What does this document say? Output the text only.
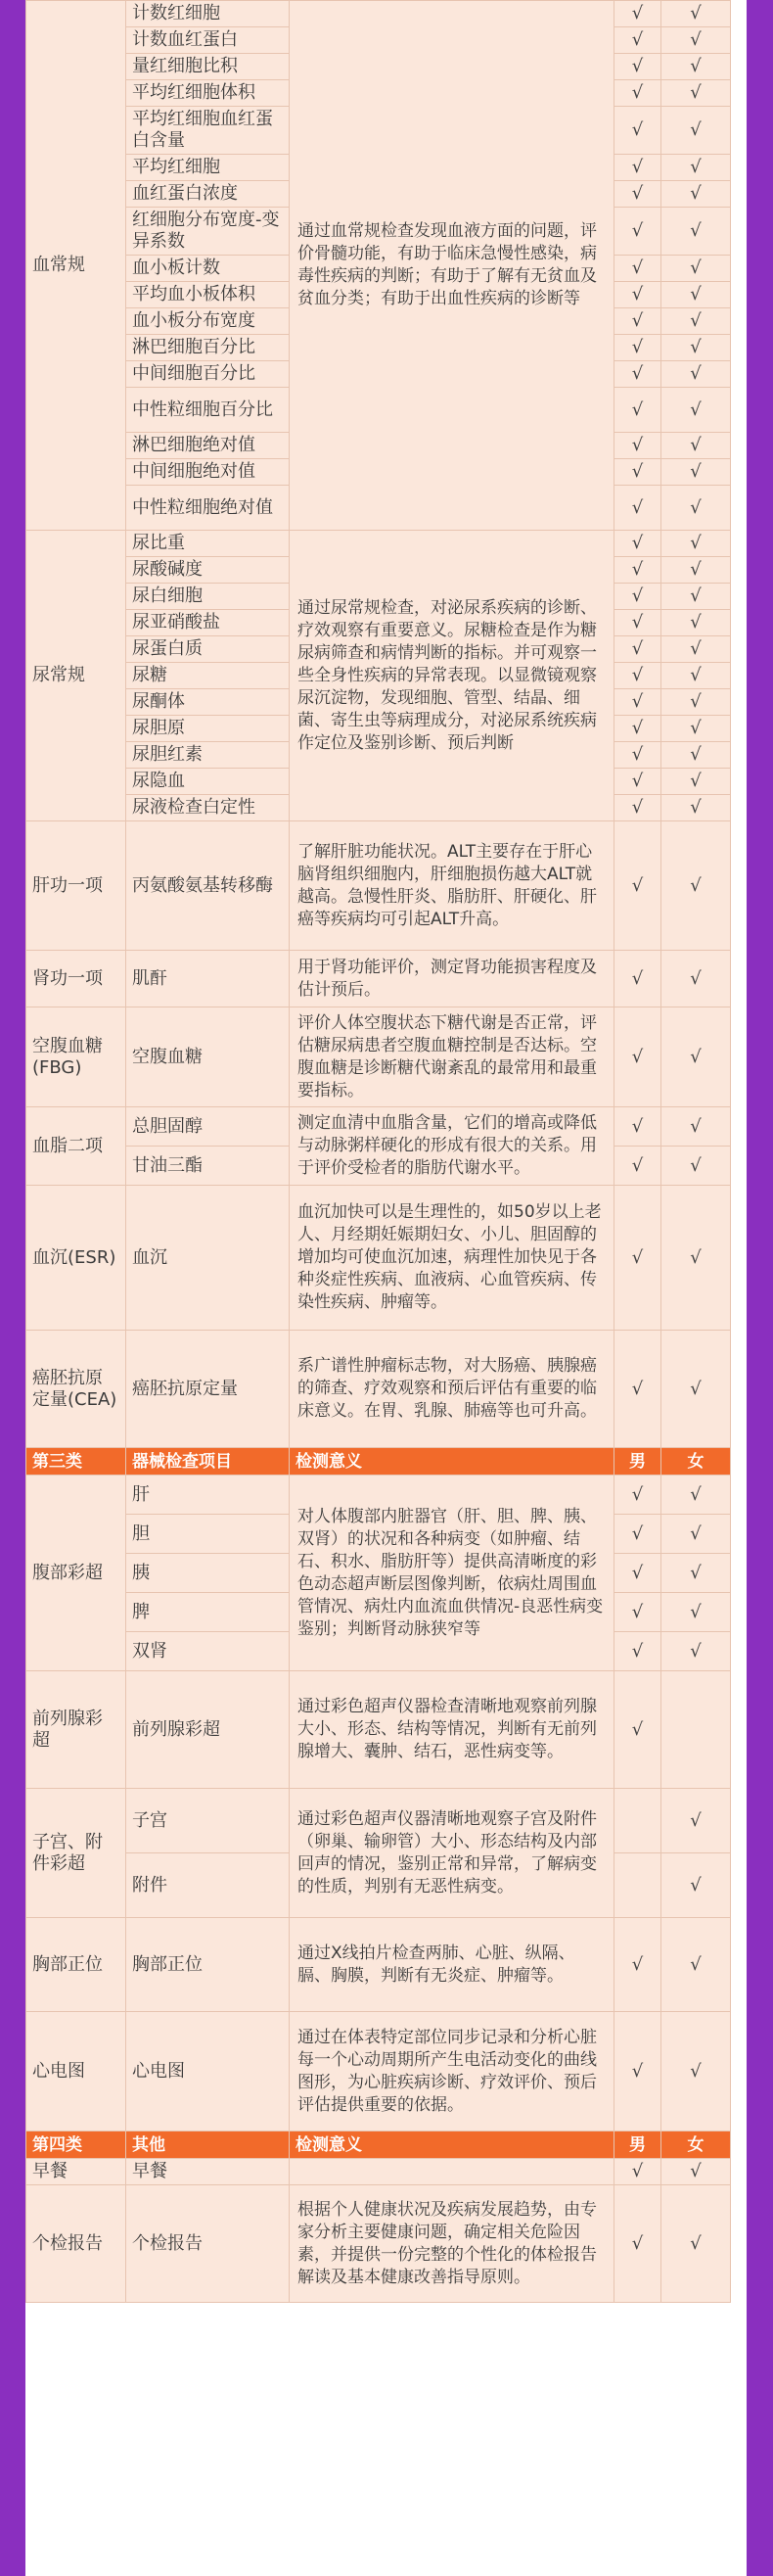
血常规	计数红细胞	通过血常规检查发现血液方面的问题，评价骨髓功能，有助于临床急慢性感染，病毒性疾病的判断；有助于了解有无贫血及贫血分类；有助于出血性疾病的诊断等	√	√
	计数血红蛋白		√	√
	量红细胞比积		√	√
	平均红细胞体积		√	√
	平均红细胞血红蛋白含量		√	√
	平均红细胞		√	√
	血红蛋白浓度		√	√
	红细胞分布宽度-变异系数		√	√
	血小板计数		√	√
	平均血小板体积		√	√
	血小板分布宽度		√	√
	淋巴细胞百分比		√	√
	中间细胞百分比		√	√
	中性粒细胞百分比		√	√
	淋巴细胞绝对值		√	√
	中间细胞绝对值		√	√
	中性粒细胞绝对值		√	√
尿常规	尿比重	通过尿常规检查，对泌尿系疾病的诊断、疗效观察有重要意义。尿糖检查是作为糖尿病筛查和病情判断的指标。并可观察一些全身性疾病的异常表现。以显微镜观察尿沉淀物，发现细胞、管型、结晶、细菌、寄生虫等病理成分，对泌尿系统疾病作定位及鉴别诊断、预后判断	√	√
	尿酸碱度		√	√
	尿白细胞		√	√
	尿亚硝酸盐		√	√
	尿蛋白质		√	√
	尿糖		√	√
	尿酮体		√	√
	尿胆原		√	√
	尿胆红素		√	√
	尿隐血		√	√
	尿液检查白定性		√	√
肝功一项	丙氨酸氨基转移酶	了解肝脏功能状况。ALT主要存在于肝心脑肾组织细胞内，肝细胞损伤越大ALT就越高。急慢性肝炎、脂肪肝、肝硬化、肝癌等疾病均可引起ALT升高。	√	√
肾功一项	肌酐	用于肾功能评价，测定肾功能损害程度及估计预后。	√	√
空腹血糖(FBG)	空腹血糖	评价人体空腹状态下糖代谢是否正常，评估糖尿病患者空腹血糖控制是否达标。空腹血糖是诊断糖代谢紊乱的最常用和最重要指标。	√	√
血脂二项	总胆固醇	测定血清中血脂含量，它们的增高或降低与动脉粥样硬化的形成有很大的关系。用于评价受检者的脂肪代谢水平。	√	√
	甘油三酯		√	√
血沉(ESR)	血沉	血沉加快可以是生理性的，如50岁以上老人、月经期妊娠期妇女、小儿、胆固醇的增加均可使血沉加速，病理性加快见于各种炎症性疾病、血液病、心血管疾病、传染性疾病、肿瘤等。	√	√
癌胚抗原定量(CEA)	癌胚抗原定量	系广谱性肿瘤标志物，对大肠癌、胰腺癌的筛查、疗效观察和预后评估有重要的临床意义。在胃、乳腺、肺癌等也可升高。	√	√
第三类	器械检查项目	检测意义	男	女
腹部彩超	肝	对人体腹部内脏器官（肝、胆、脾、胰、双肾）的状况和各种病变（如肿瘤、结石、积水、脂肪肝等）提供高清晰度的彩色动态超声断层图像判断，依病灶周围血管情况、病灶内血流血供情况-良恶性病变鉴别；判断肾动脉狭窄等	√	√
	胆		√	√
	胰		√	√
	脾		√	√
	双肾		√	√
前列腺彩超	前列腺彩超	通过彩色超声仪器检查清晰地观察前列腺大小、形态、结构等情况，判断有无前列腺增大、囊肿、结石，恶性病变等。	√	
子宫、附件彩超	子宫	通过彩色超声仪器清晰地观察子宫及附件（卵巢、输卵管）大小、形态结构及内部回声的情况，鉴别正常和异常，了解病变的性质，判别有无恶性病变。		√
	附件			√
胸部正位	胸部正位	通过X线拍片检查两肺、心脏、纵隔、膈、胸膜，判断有无炎症、肿瘤等。	√	√
心电图	心电图	通过在体表特定部位同步记录和分析心脏每一个心动周期所产生电活动变化的曲线图形，为心脏疾病诊断、疗效评价、预后评估提供重要的依据。	√	√
第四类	其他	检测意义	男	女
早餐	早餐		√	√
个检报告	个检报告	根据个人健康状况及疾病发展趋势，由专家分析主要健康问题，确定相关危险因素，并提供一份完整的个性化的体检报告解读及基本健康改善指导原则。	√	√
值值值
zhizhizhi.com
